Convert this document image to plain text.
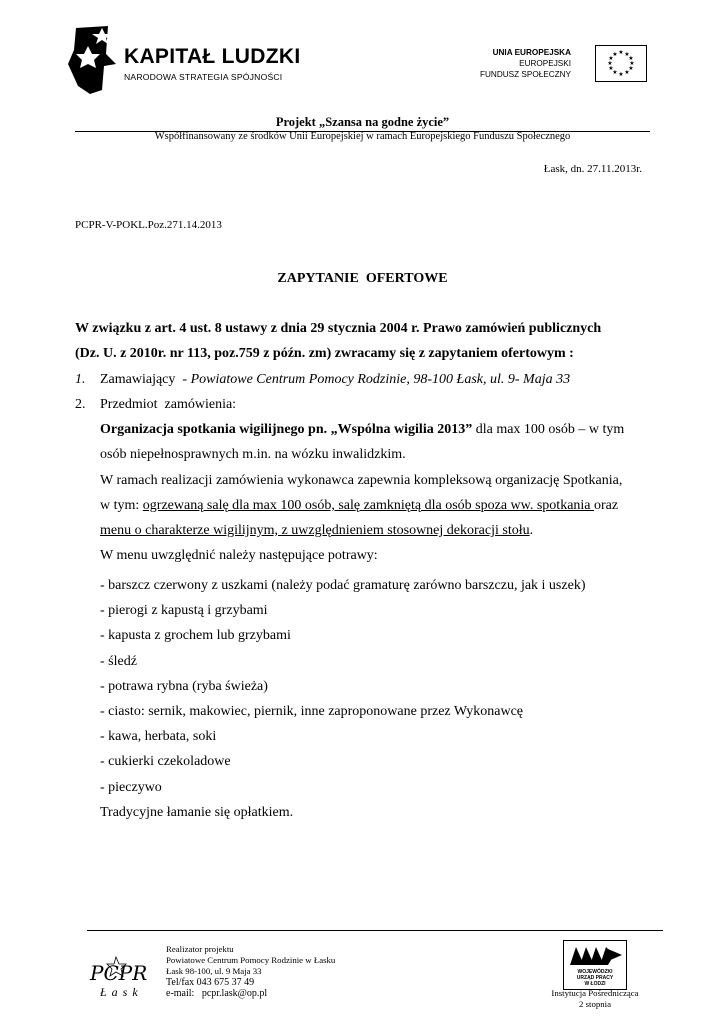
KAPITAŁ LUDZKI
NARODOWA STRATEGIA SPÓJNOŚCI
UNIA EUROPEJSKA
EUROPEJSKI
FUNDUSZ SPOŁECZNY
★ ★
★
★
★
★
★
★
★
★
★
★
Projekt „Szansa na godne życie”
Współfinansowany ze środków Unii Europejskiej w ramach Europejskiego Funduszu Społecznego
Łask, dn. 27.11.2013r.
PCPR-V-POKL.Poz.271.14.2013
ZAPYTANIE  OFERTOWE
W związku z art. 4 ust. 8 ustawy z dnia 29 stycznia 2004 r. Prawo zamówień publicznych
(Dz. U. z 2010r. nr 113, poz.759 z późn. zm) zwracamy się z zapytaniem ofertowym :
1. Zamawiający  - Powiatowe Centrum Pomocy Rodzinie, 98-100 Łask, ul. 9- Maja 33
2. Przedmiot  zamówienia:
Organizacja spotkania wigilijnego pn. „Wspólna wigilia 2013” dla max 100 osób – w tym
osób niepełnosprawnych m.in. na wózku inwalidzkim.
W ramach realizacji zamówienia wykonawca zapewnia kompleksową organizację Spotkania,
w tym: ogrzewaną salę dla max 100 osób, salę zamkniętą dla osób spoza ww. spotkania oraz
menu o charakterze wigilijnym, z uwzględnieniem stosownej dekoracji stołu.
W menu uwzględnić należy następujące potrawy:
- barszcz czerwony z uszkami (należy podać gramaturę zarówno barszczu, jak i uszek)
- pierogi z kapustą i grzybami
- kapusta z grochem lub grzybami
- śledź
- potrawa rybna (ryba świeża)
- ciasto: sernik, makowiec, piernik, inne zaproponowane przez Wykonawcę
- kawa, herbata, soki
- cukierki czekoladowe
- pieczywo
Tradycyjne łamanie się opłatkiem.
PCPR
Łask
Realizator projektu
Powiatowe Centrum Pomocy Rodzinie w Łasku
Łask 98-100, ul. 9 Maja 33
Tel/fax 043 675 37 49
e-mail:   pcpr.lask@op.pl
WOJEWÓDZKI
URZĄD PRACY
W ŁODZI
Instytucja Pośrednicząca
2 stopnia
